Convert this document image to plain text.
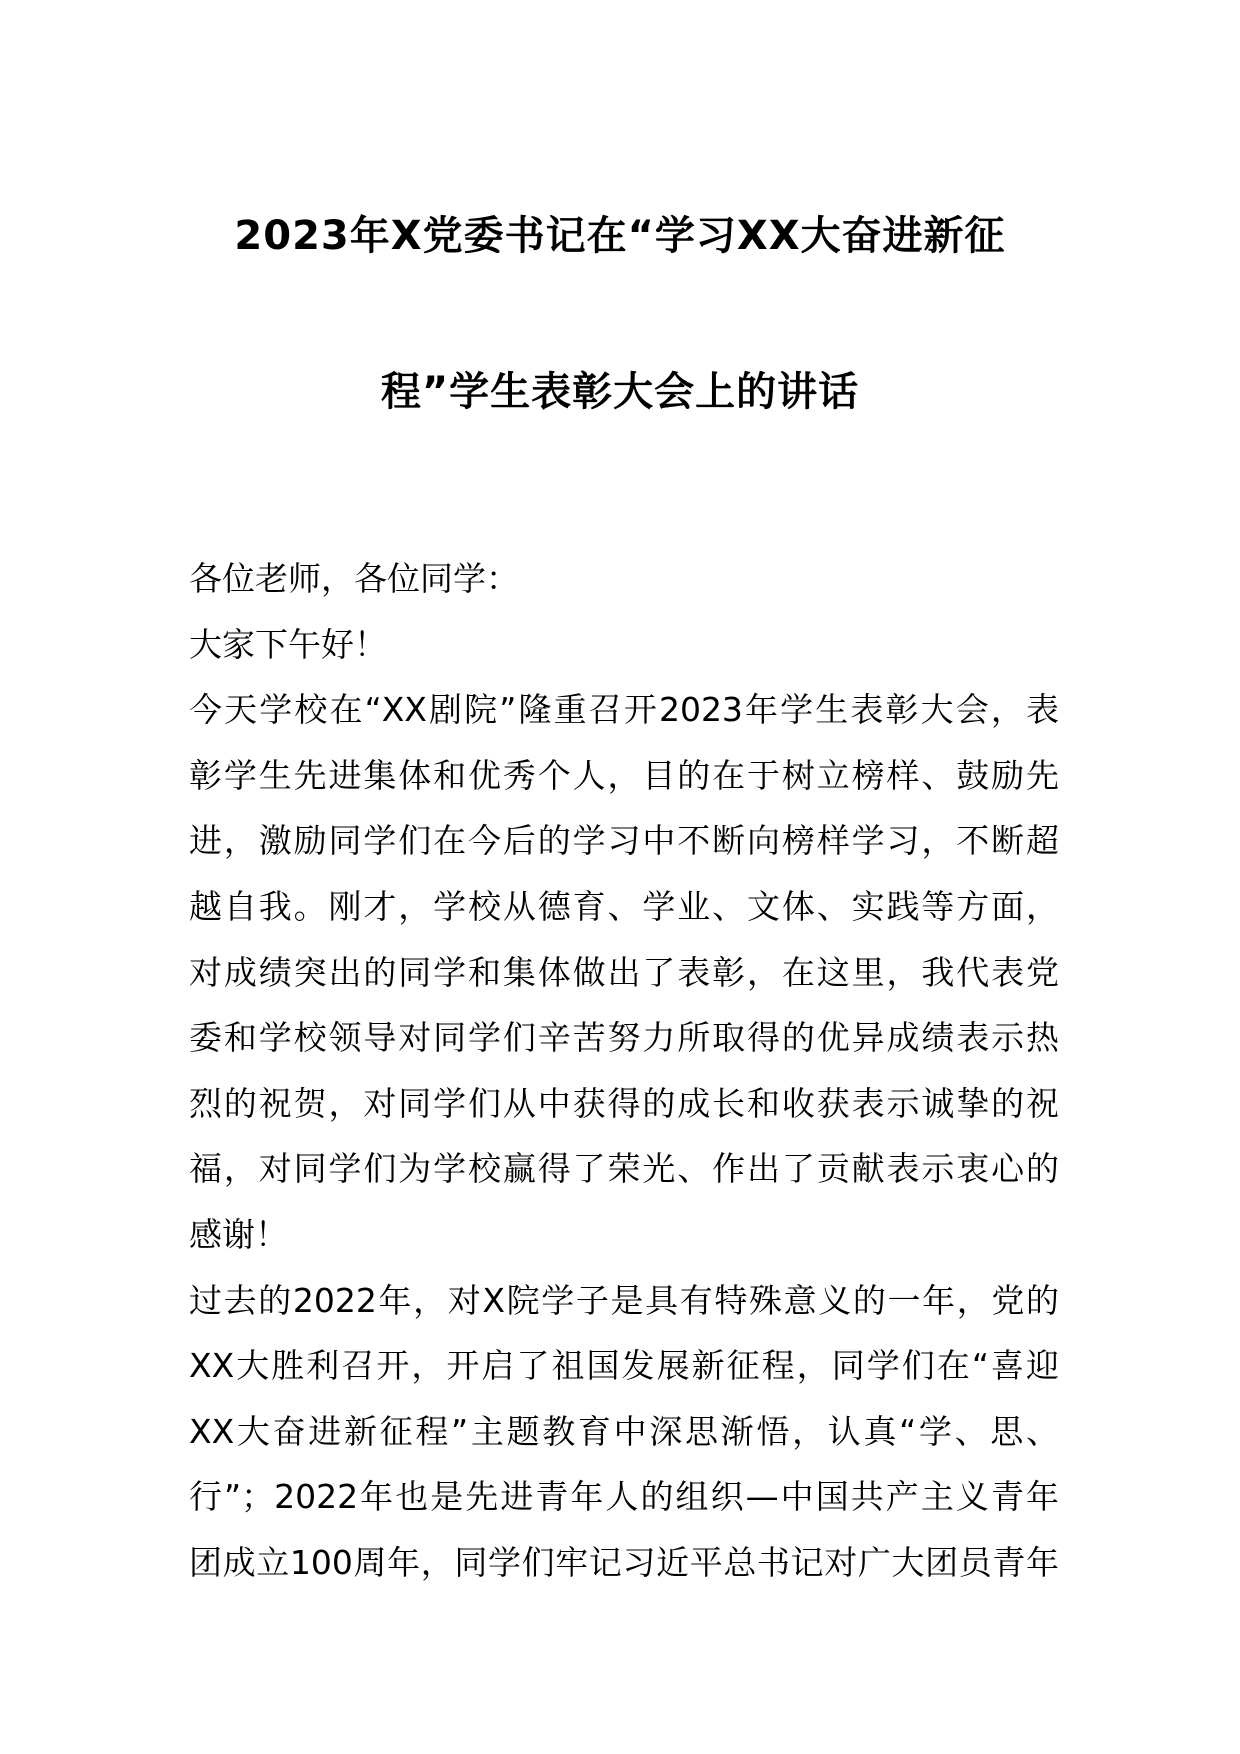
2023年X党委书记在“学习XX大奋进新征
程”学生表彰大会上的讲话
各位老师，各位同学：
大家下午好！
今天学校在“XX剧院”隆重召开2023年学生表彰大会，表
彰学生先进集体和优秀个人，目的在于树立榜样、鼓励先
进，激励同学们在今后的学习中不断向榜样学习，不断超
越自我。刚才，学校从德育、学业、文体、实践等方面，
对成绩突出的同学和集体做出了表彰，在这里，我代表党
委和学校领导对同学们辛苦努力所取得的优异成绩表示热
烈的祝贺，对同学们从中获得的成长和收获表示诚挚的祝
福，对同学们为学校赢得了荣光、作出了贡献表示衷心的
感谢！
过去的2022年，对X院学子是具有特殊意义的一年，党的
XX大胜利召开，开启了祖国发展新征程，同学们在“喜迎
XX大奋进新征程”主题教育中深思渐悟，认真“学、思、
行”；2022年也是先进青年人的组织—中国共产主义青年
团成立100周年，同学们牢记习近平总书记对广大团员青年
